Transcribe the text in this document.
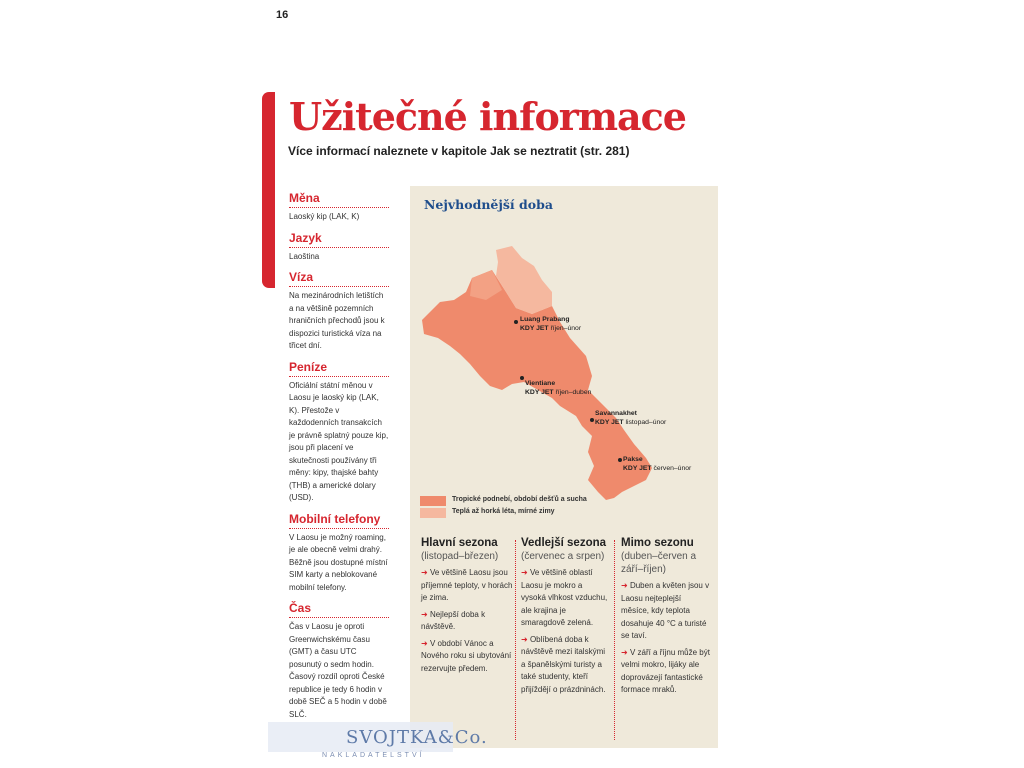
16
Užitečné informace
Více informací naleznete v kapitole Jak se neztratit (str. 281)
Měna

Laoský kip (LAK, K)

Jazyk

Laoština

Víza

Na mezinárodních letištích a na většině pozemních hraničních přechodů jsou k dispozici turistická víza na třicet dní.

Peníze

Oficiální státní měnou v Laosu je laoský kip (LAK, K). Přestože v každodenních transakcích je právně splatný pouze kip, jsou při placení ve skutečnosti používány tři měny: kipy, thajské bahty (THB) a americké dolary (USD).

Mobilní telefony

V Laosu je možný roaming, je ale obecně velmi drahý. Běžně jsou dostupné místní SIM karty a neblokované mobilní telefony.

Čas

Čas v Laosu je oproti Greenwichskému času (GMT) a času UTC posunutý o sedm hodin. Časový rozdíl oproti České republice je tedy 6 hodin v době SEČ a 5 hodin v době SLČ.

Nejvhodnější doba
Luang Prabang
KDY JET říjen–únor
Vientiane
KDY JET říjen–duben
Savannakhet
KDY JET listopad–únor
Pakse
KDY JET červen–únor
Tropické podnebí, období dešťů a sucha
Teplá až horká léta, mírné zimy
Hlavní sezona
(listopad–březen)
➜ Ve většině Laosu jsou příjemné teploty, v horách je zima.
➜ Nejlepší doba k návštěvě.
➜ V období Vánoc a Nového roku si ubytování rezervujte předem.
Vedlejší sezona
(červenec a srpen)
➜ Ve většině oblastí Laosu je mokro a vysoká vlhkost vzduchu, ale krajina je smaragdově zelená.
➜ Oblíbená doba k návštěvě mezi italskými a španělskými turisty a také studenty, kteří přijíždějí o prázdninách.
Mimo sezonu
(duben–červen a září–říjen)
➜ Duben a květen jsou v Laosu nejteplejší měsíce, kdy teplota dosahuje 40 °C a turisté se taví.
➜ V září a říjnu může být velmi mokro, lijáky ale doprovázejí fantastické formace mraků.
SVOJTKA&Co.
NAKLADATELSTVÍ
